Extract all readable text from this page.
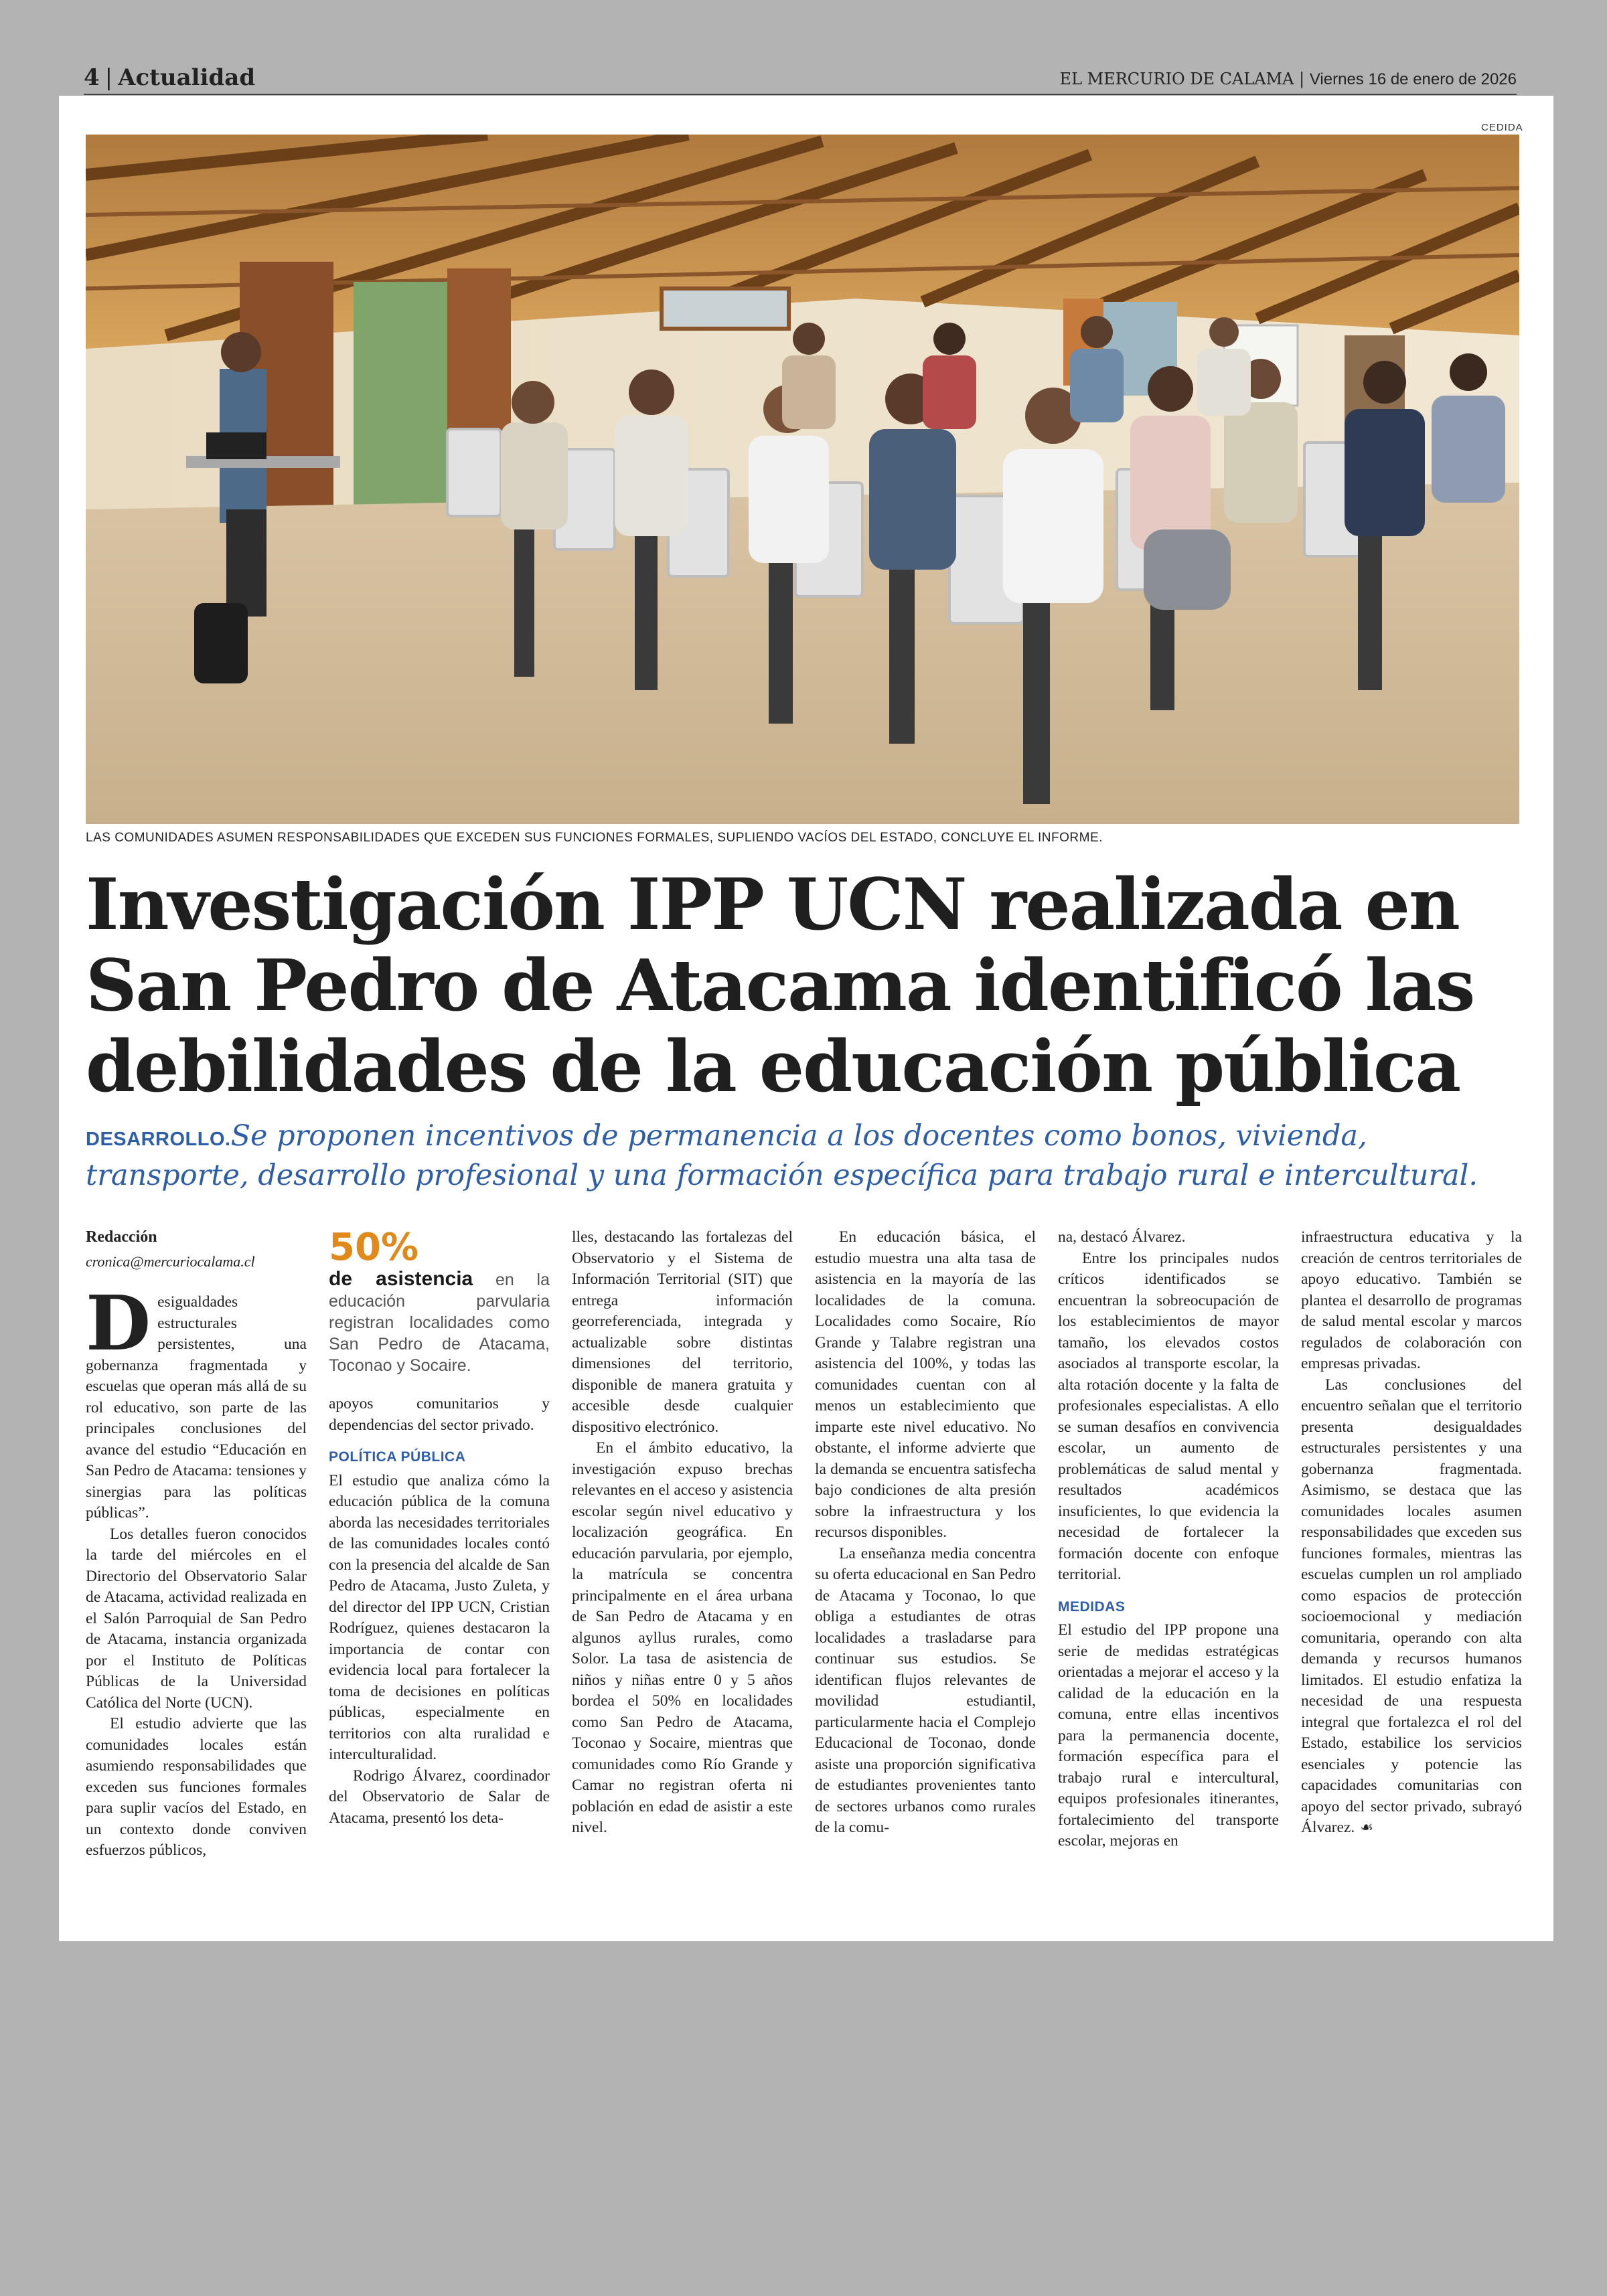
4 | Actualidad	EL MERCURIO DE CALAMA | Viernes 16 de enero de 2026
CEDIDA
LAS COMUNIDADES ASUMEN RESPONSABILIDADES QUE EXCEDEN SUS FUNCIONES FORMALES, SUPLIENDO VACÍOS DEL ESTADO, CONCLUYE EL INFORME.
Investigación IPP UCN realizada en San Pedro de Atacama identificó las debilidades de la educación pública
DESARROLLO.Se proponen incentivos de permanencia a los docentes como bonos, vivienda, transporte, desarrollo profesional y una formación específica para trabajo rural e intercultural.
Redacción
cronica@mercuriocalama.cl

Desigualdades estructurales persistentes, una gobernanza fragmentada y escuelas que operan más allá de su rol educativo, son parte de las principales conclusiones del avance del estudio “Educación en San Pedro de Atacama: tensiones y sinergias para las políticas públicas”.

Los detalles fueron conocidos la tarde del miércoles en el Directorio del Observatorio Salar de Atacama, actividad realizada en el Salón Parroquial de San Pedro de Atacama, instancia organizada por el Instituto de Políticas Públicas de la Universidad Católica del Norte (UCN).

El estudio advierte que las comunidades locales están asumiendo responsabilidades que exceden sus funciones formales para suplir vacíos del Estado, en un contexto donde conviven esfuerzos públicos,

50%
de asistencia en la educación parvularia registran localidades como San Pedro de Atacama, Toconao y Socaire.

apoyos comunitarios y dependencias del sector privado.

POLÍTICA PÚBLICA

El estudio que analiza cómo la educación pública de la comuna aborda las necesidades territoriales de las comunidades locales contó con la presencia del alcalde de San Pedro de Atacama, Justo Zuleta, y del director del IPP UCN, Cristian Rodríguez, quienes destacaron la importancia de contar con evidencia local para fortalecer la toma de decisiones en políticas públicas, especialmente en territorios con alta ruralidad e interculturalidad.

Rodrigo Álvarez, coordinador del Observatorio de Salar de Atacama, presentó los deta-

lles, destacando las fortalezas del Observatorio y el Sistema de Información Territorial (SIT) que entrega información georreferenciada, integrada y actualizable sobre distintas dimensiones del territorio, disponible de manera gratuita y accesible desde cualquier dispositivo electrónico.

En el ámbito educativo, la investigación expuso brechas relevantes en el acceso y asistencia escolar según nivel educativo y localización geográfica. En educación parvularia, por ejemplo, la matrícula se concentra principalmente en el área urbana de San Pedro de Atacama y en algunos ayllus rurales, como Solor. La tasa de asistencia de niños y niñas entre 0 y 5 años bordea el 50% en localidades como San Pedro de Atacama, Toconao y Socaire, mientras que comunidades como Río Grande y Camar no registran oferta ni población en edad de asistir a este nivel.

En educación básica, el estudio muestra una alta tasa de asistencia en la mayoría de las localidades de la comuna. Localidades como Socaire, Río Grande y Talabre registran una asistencia del 100%, y todas las comunidades cuentan con al menos un establecimiento que imparte este nivel educativo. No obstante, el informe advierte que la demanda se encuentra satisfecha bajo condiciones de alta presión sobre la infraestructura y los recursos disponibles.

La enseñanza media concentra su oferta educacional en San Pedro de Atacama y Toconao, lo que obliga a estudiantes de otras localidades a trasladarse para continuar sus estudios. Se identifican flujos relevantes de movilidad estudiantil, particularmente hacia el Complejo Educacional de Toconao, donde asiste una proporción significativa de estudiantes provenientes tanto de sectores urbanos como rurales de la comu-

na, destacó Álvarez.

Entre los principales nudos críticos identificados se encuentran la sobreocupación de los establecimientos de mayor tamaño, los elevados costos asociados al transporte escolar, la alta rotación docente y la falta de profesionales especialistas. A ello se suman desafíos en convivencia escolar, un aumento de problemáticas de salud mental y resultados académicos insuficientes, lo que evidencia la necesidad de fortalecer la formación docente con enfoque territorial.

MEDIDAS

El estudio del IPP propone una serie de medidas estratégicas orientadas a mejorar el acceso y la calidad de la educación en la comuna, entre ellas incentivos para la permanencia docente, formación específica para el trabajo rural e intercultural, equipos profesionales itinerantes, fortalecimiento del transporte escolar, mejoras en

infraestructura educativa y la creación de centros territoriales de apoyo educativo. También se plantea el desarrollo de programas de salud mental escolar y marcos regulados de colaboración con empresas privadas.

Las conclusiones del encuentro señalan que el territorio presenta desigualdades estructurales persistentes y una gobernanza fragmentada. Asimismo, se destaca que las comunidades locales asumen responsabilidades que exceden sus funciones formales, mientras las escuelas cumplen un rol ampliado como espacios de protección socioemocional y mediación comunitaria, operando con alta demanda y recursos humanos limitados. El estudio enfatiza la necesidad de una respuesta integral que fortalezca el rol del Estado, estabilice los servicios esenciales y potencie las capacidades comunitarias con apoyo del sector privado, subrayó Álvarez. ☙
